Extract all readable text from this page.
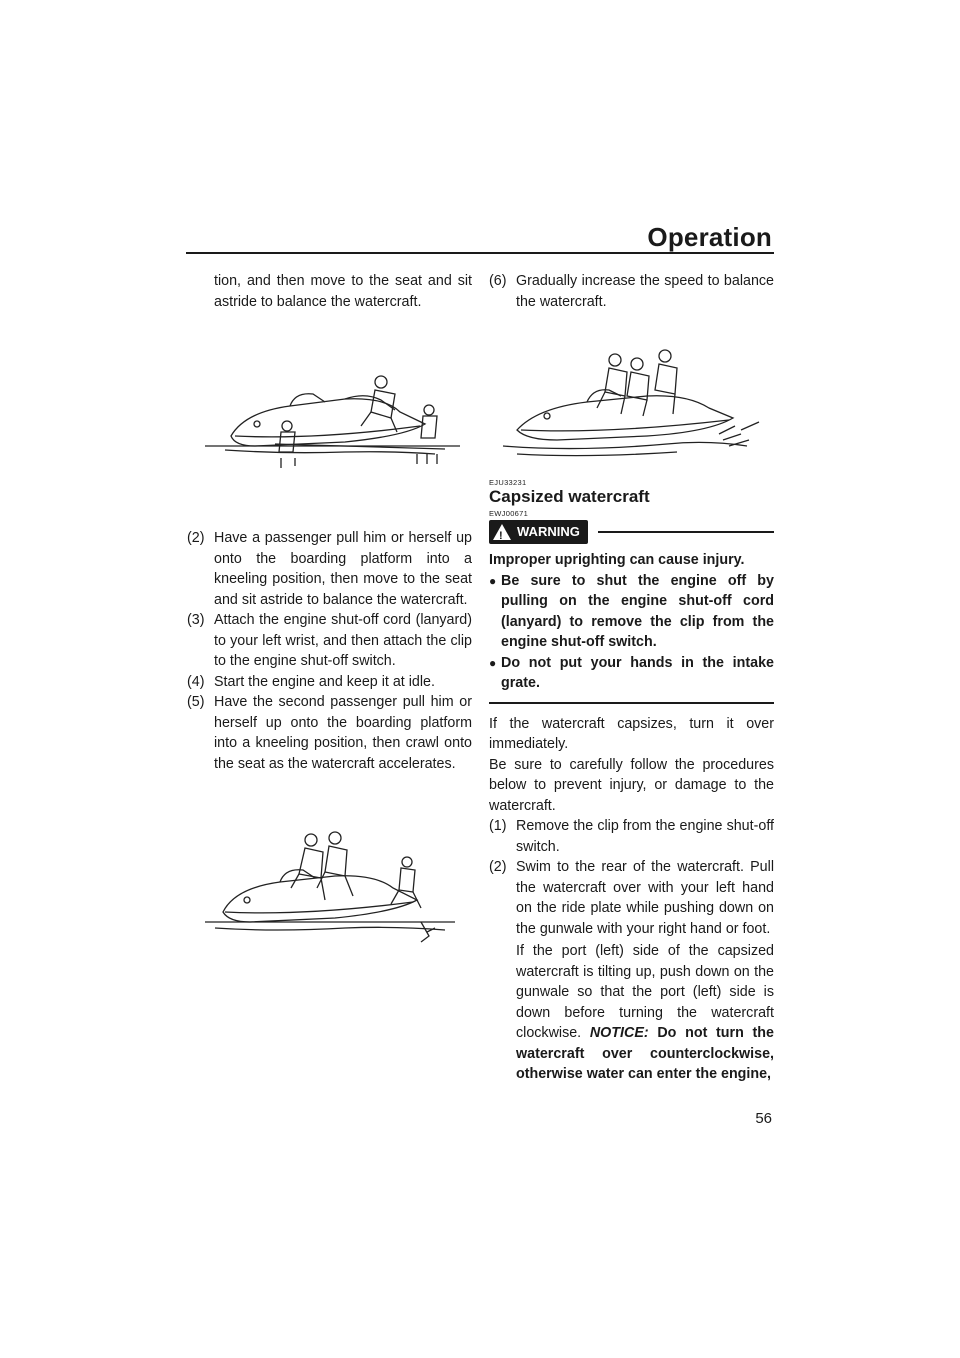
Operation

tion, and then move to the seat and sit astride to balance the watercraft.

(2) Have a passenger pull him or herself up onto the boarding platform into a kneeling position, then move to the seat and sit astride to balance the watercraft.
(3) Attach the engine shut-off cord (lanyard) to your left wrist, and then attach the clip to the engine shut-off switch.
(4) Start the engine and keep it at idle.
(5) Have the second passenger pull him or herself up onto the boarding platform into a kneeling position, then crawl onto the seat as the watercraft accelerates.
(6) Gradually increase the speed to balance the watercraft.
EJU33231
Capsized watercraft
EWJ00671
! WARNING
Improper uprighting can cause injury.
● Be sure to shut the engine off by pulling on the engine shut-off cord (lanyard) to remove the clip from the engine shut-off switch.
● Do not put your hands in the intake grate.

If the watercraft capsizes, turn it over immediately.

Be sure to carefully follow the procedures below to prevent injury, or damage to the watercraft.

(1) Remove the clip from the engine shut-off switch.
(2) Swim to the rear of the watercraft. Pull the watercraft over with your left hand on the ride plate while pushing down on the gunwale with your right hand or foot.

If the port (left) side of the capsized watercraft is tilting up, push down on the gunwale so that the port (left) side is down before turning the watercraft clockwise. NOTICE: Do not turn the watercraft over counterclockwise, otherwise water can enter the engine,

56
